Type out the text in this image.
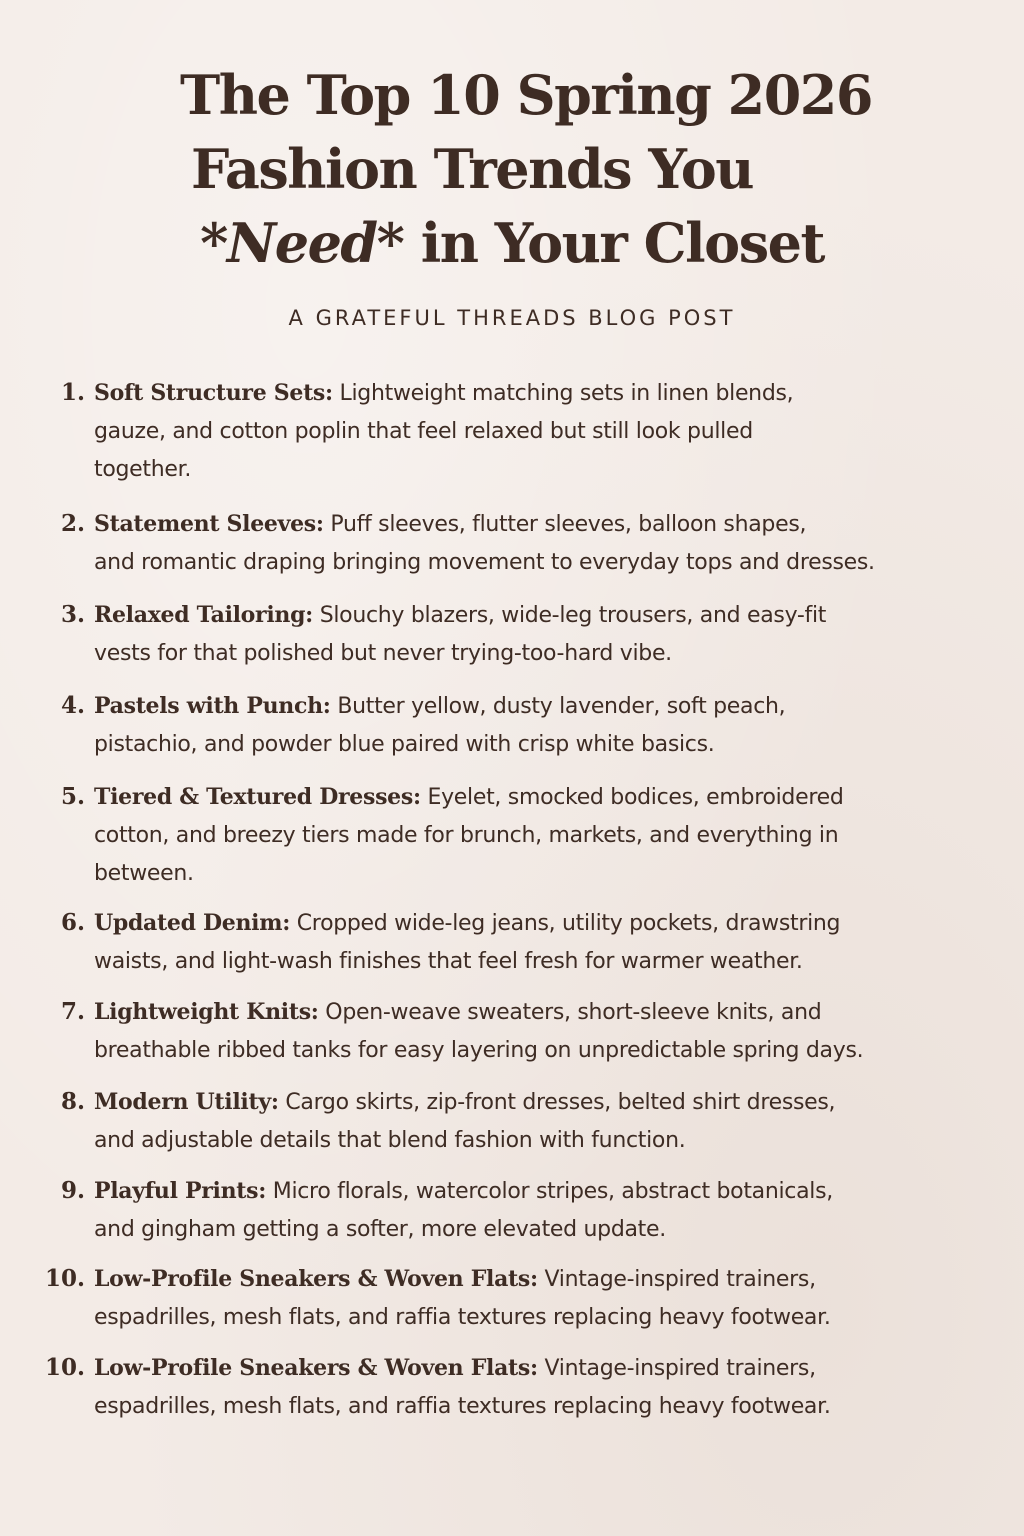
The Top 10 Spring 2026
Fashion Trends You
*Need* in Your Closet
A GRATEFUL THREADS BLOG POST
1. Soft Structure Sets: Lightweight matching sets in linen blends,
gauze, and cotton poplin that feel relaxed but still look pulled
together.
2. Statement Sleeves: Puff sleeves, flutter sleeves, balloon shapes,
and romantic draping bringing movement to everyday tops and dresses.
3. Relaxed Tailoring: Slouchy blazers, wide-leg trousers, and easy-fit
vests for that polished but never trying-too-hard vibe.
4. Pastels with Punch: Butter yellow, dusty lavender, soft peach,
pistachio, and powder blue paired with crisp white basics.
5. Tiered & Textured Dresses: Eyelet, smocked bodices, embroidered
cotton, and breezy tiers made for brunch, markets, and everything in
between.
6. Updated Denim: Cropped wide-leg jeans, utility pockets, drawstring
waists, and light-wash finishes that feel fresh for warmer weather.
7. Lightweight Knits: Open-weave sweaters, short-sleeve knits, and
breathable ribbed tanks for easy layering on unpredictable spring days.
8. Modern Utility: Cargo skirts, zip-front dresses, belted shirt dresses,
and adjustable details that blend fashion with function.
9. Playful Prints: Micro florals, watercolor stripes, abstract botanicals,
and gingham getting a softer, more elevated update.
10. Low-Profile Sneakers & Woven Flats: Vintage-inspired trainers,
espadrilles, mesh flats, and raffia textures replacing heavy footwear.
10. Low-Profile Sneakers & Woven Flats: Vintage-inspired trainers,
espadrilles, mesh flats, and raffia textures replacing heavy footwear.
